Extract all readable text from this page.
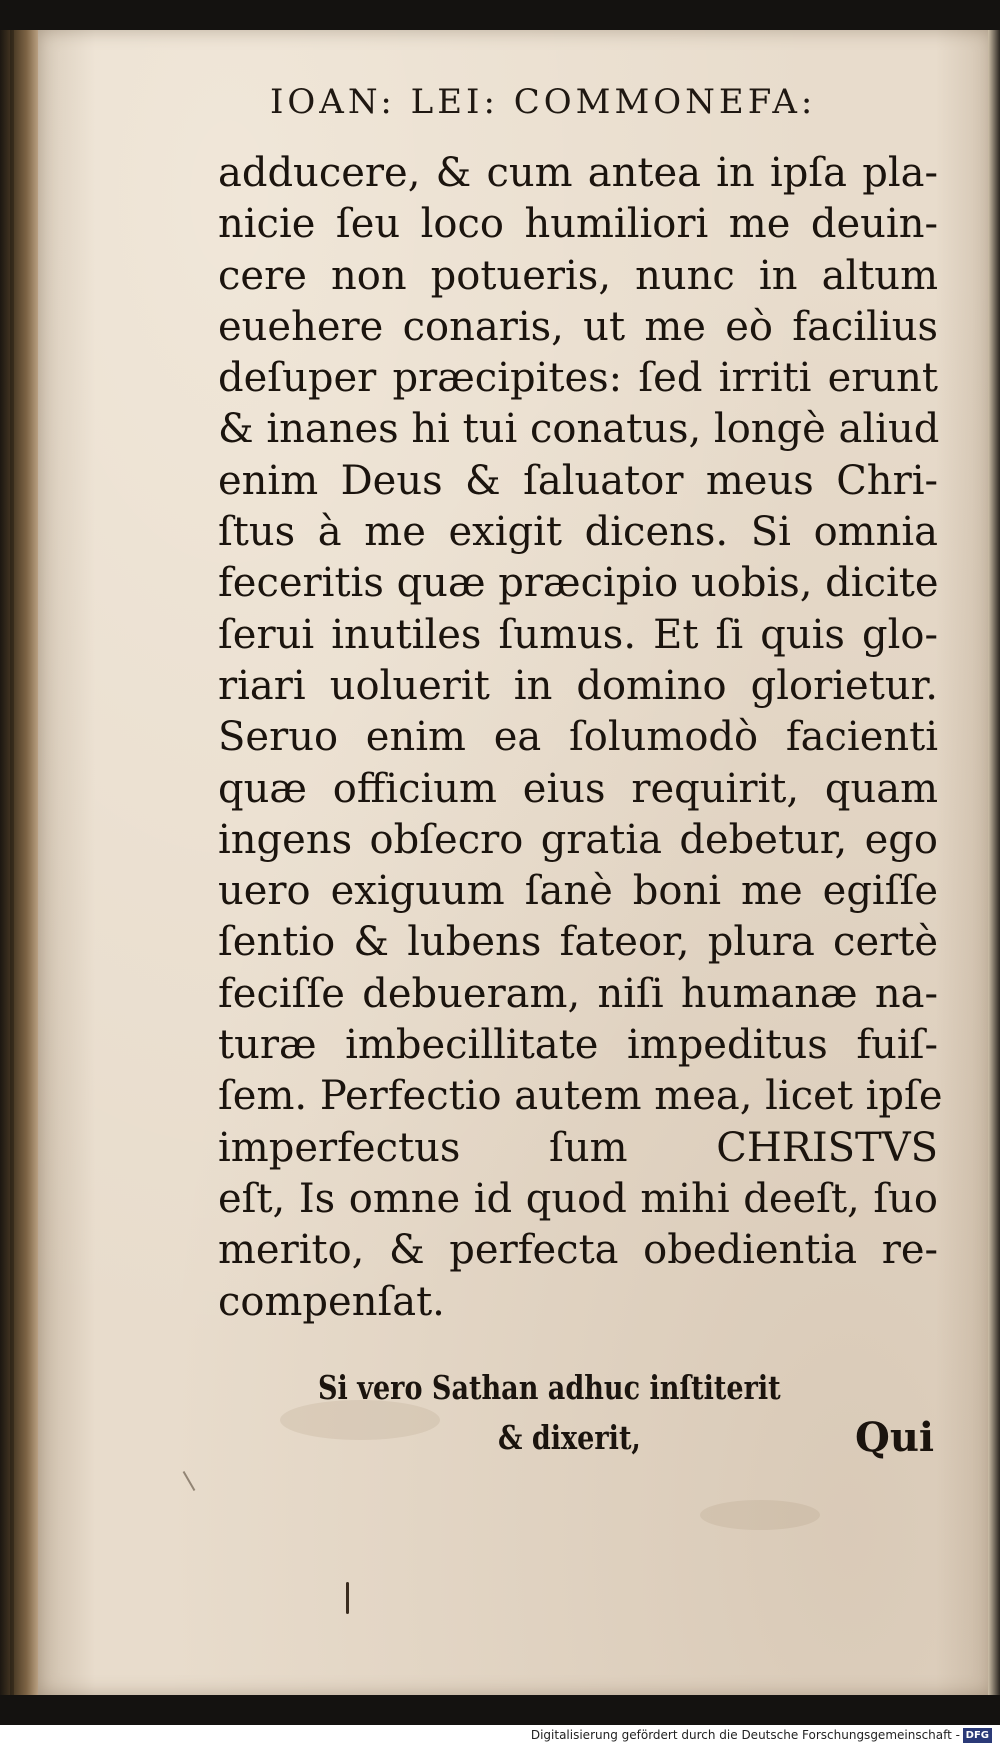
IOAN: LEI: COMMONEFA:
adducere, & cum antea in ipſa pla-
nicie ſeu loco humiliori me deuin-
cere non potueris, nunc in altum
euehere conaris, ut me eò facilius
deſuper præcipites: ſed irriti erunt
& inanes hi tui conatus, longè aliud
enim Deus & ſaluator meus Chri-
ſtus à me exigit dicens. Si omnia
feceritis quæ præcipio uobis, dicite
ſerui inutiles ſumus. Et ſi quis glo-
riari uoluerit in domino glorietur.
Seruo enim ea ſolumodò facienti
quæ officium eius requirit, quam
ingens obſecro gratia debetur, ego
uero exiguum ſanè boni me egiſſe
ſentio & lubens fateor, plura certè
feciſſe debueram, niſi humanæ na-
turæ imbecillitate impeditus fuiſ-
ſem. Perfectio autem mea, licet ipſe
imperfectus ſum CHRISTVS
eſt, Is omne id quod mihi deeſt, ſuo
merito, & perfecta obedientia re-
compenſat.
Si vero Sathan adhuc inſtiterit
& dixerit,	Qui
Digitalisierung gefördert durch die Deutsche Forschungsgemeinschaft - DFG
